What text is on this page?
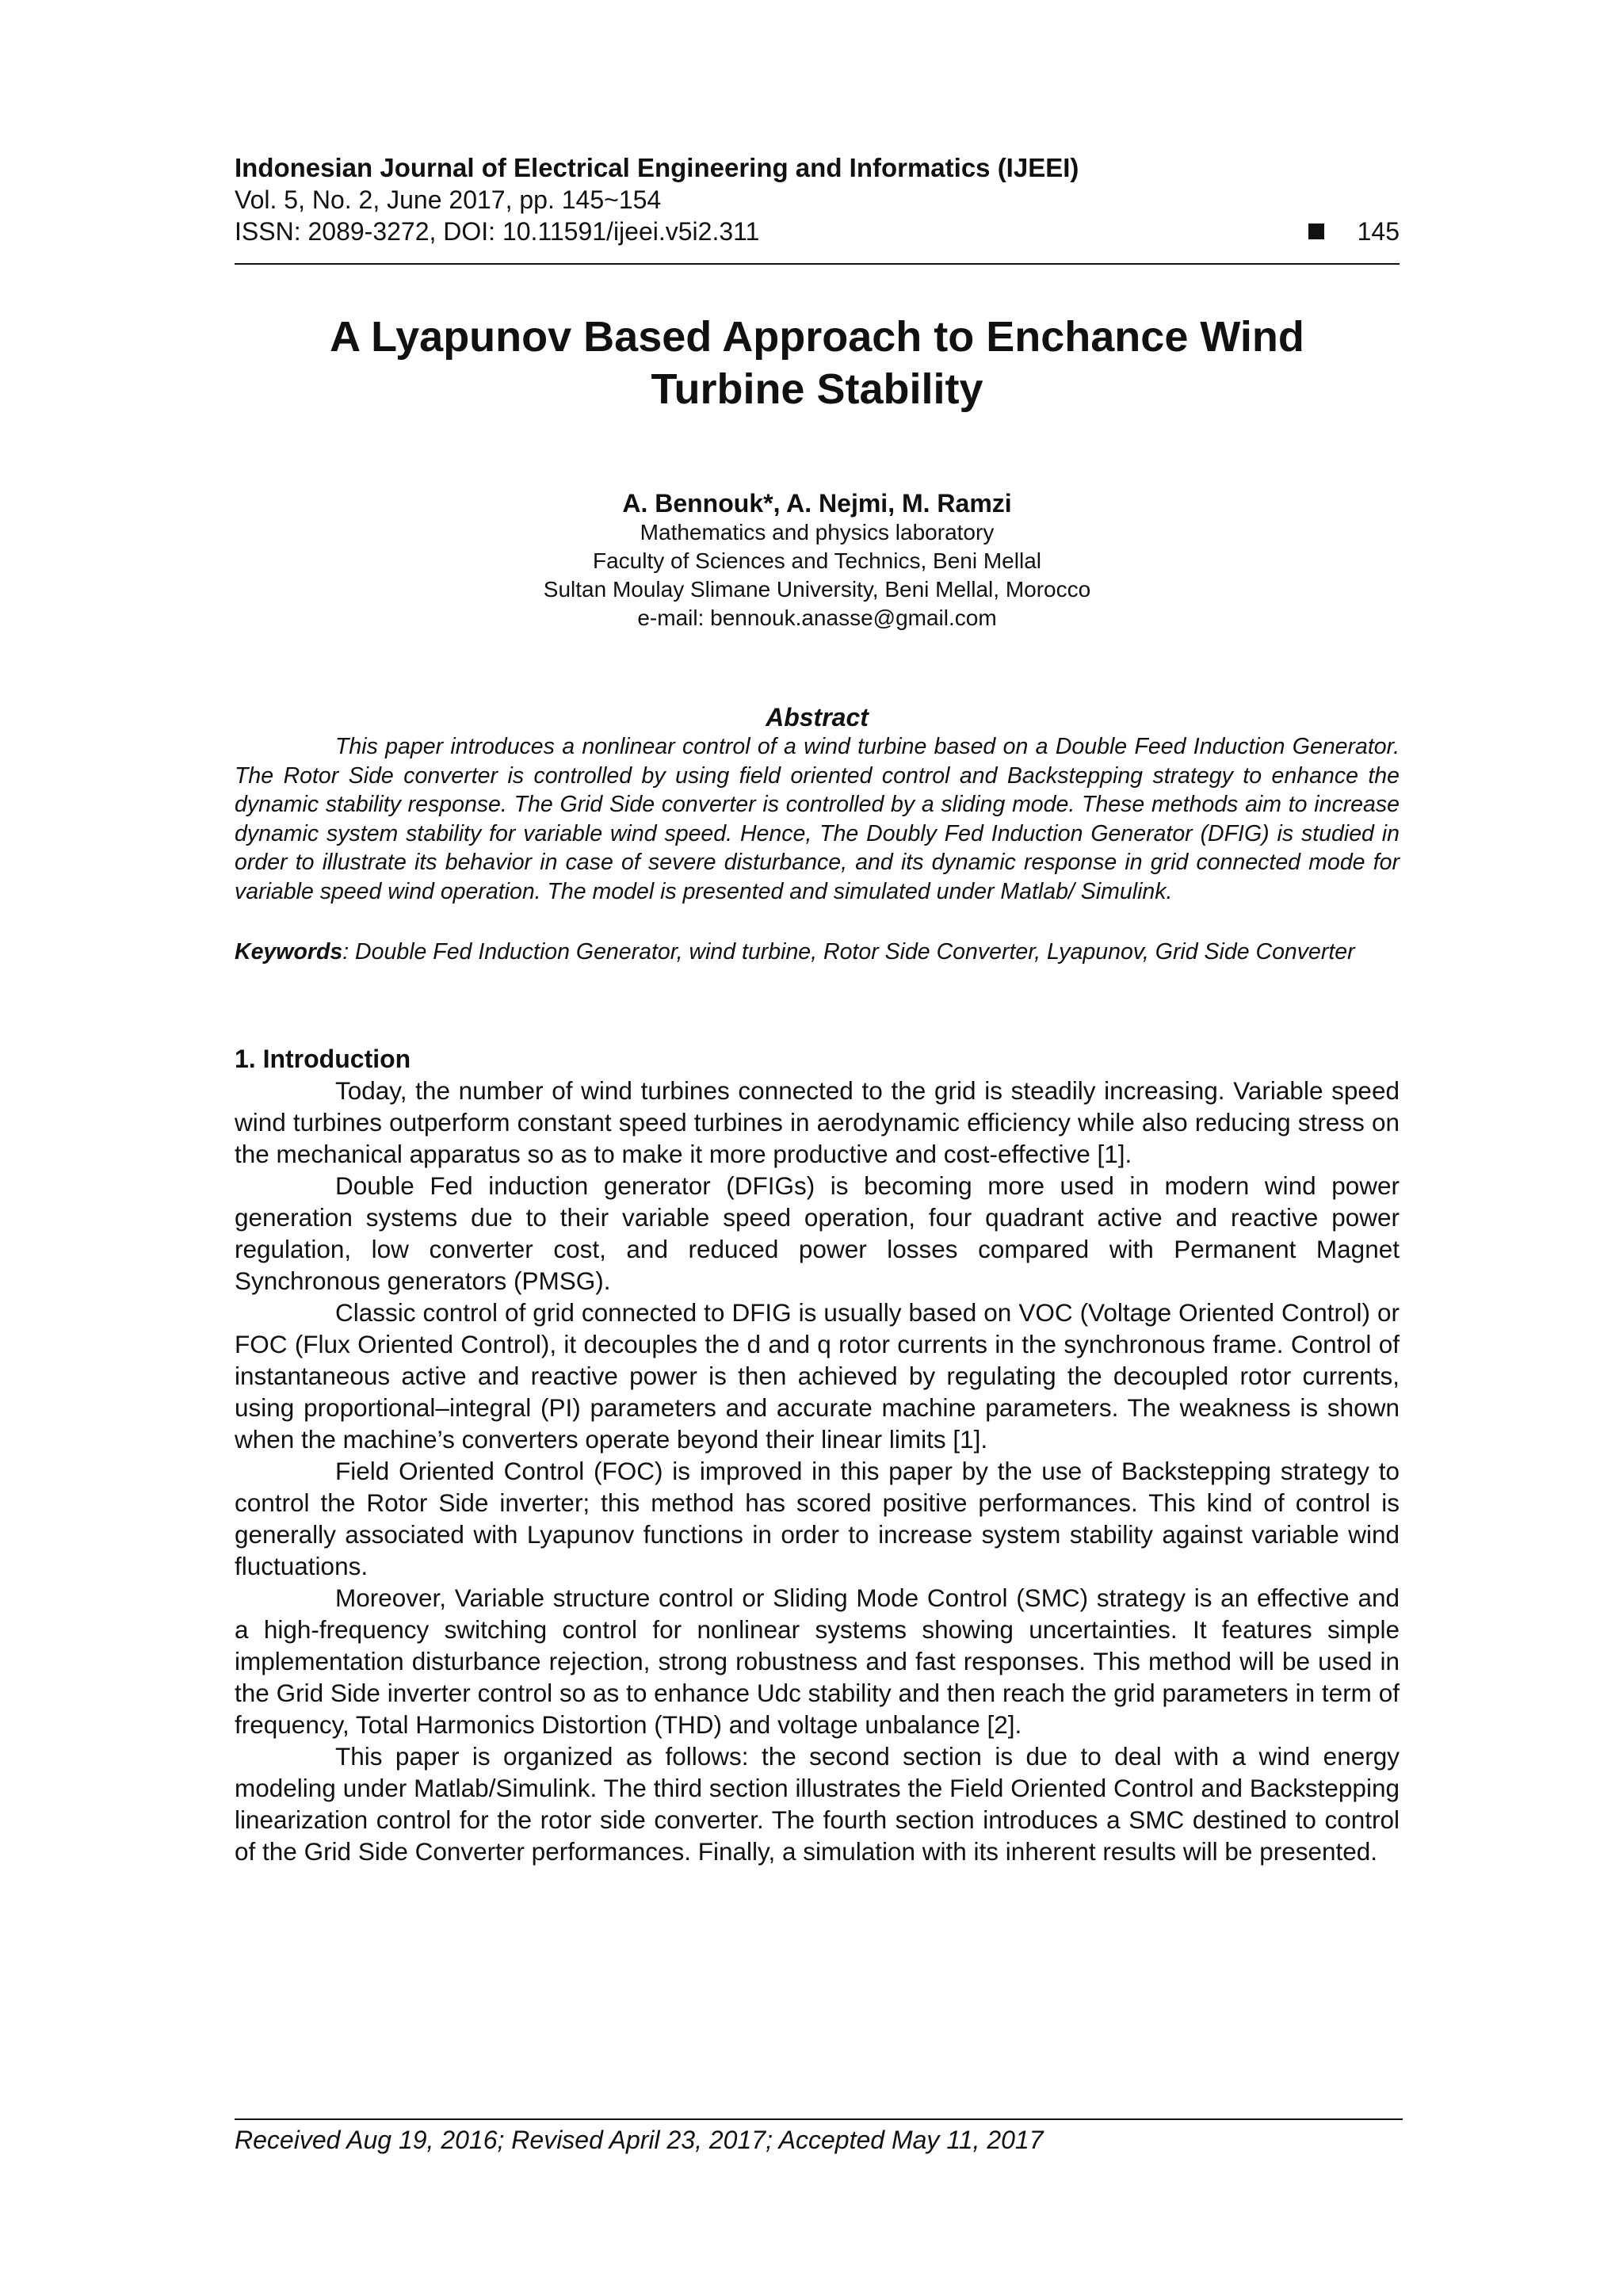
Indonesian Journal of Electrical Engineering and Informatics (IJEEI)
Vol. 5, No. 2, June 2017, pp. 145~154
ISSN: 2089-3272, DOI: 10.11591/ijeei.v5i2.311	145
A Lyapunov Based Approach to Enchance Wind Turbine Stability
A. Bennouk*, A. Nejmi, M. Ramzi
Mathematics and physics laboratory
Faculty of Sciences and Technics, Beni Mellal
Sultan Moulay Slimane University, Beni Mellal, Morocco
e-mail: bennouk.anasse@gmail.com
Abstract

This paper introduces a nonlinear control of a wind turbine based on a Double Feed Induction Generator. The Rotor Side converter is controlled by using field oriented control and Backstepping strategy to enhance the dynamic stability response. The Grid Side converter is controlled by a sliding mode. These methods aim to increase dynamic system stability for variable wind speed. Hence, The Doubly Fed Induction Generator (DFIG) is studied in order to illustrate its behavior in case of severe disturbance, and its dynamic response in grid connected mode for variable speed wind operation. The model is presented and simulated under Matlab/ Simulink.

Keywords: Double Fed Induction Generator, wind turbine, Rotor Side Converter, Lyapunov, Grid Side Converter
1. Introduction

Today, the number of wind turbines connected to the grid is steadily increasing. Variable speed wind turbines outperform constant speed turbines in aerodynamic efficiency while also reducing stress on the mechanical apparatus so as to make it more productive and cost-effective [1].

Double Fed induction generator (DFIGs) is becoming more used in modern wind power generation systems due to their variable speed operation, four quadrant active and reactive power regulation, low converter cost, and reduced power losses compared with Permanent Magnet Synchronous generators (PMSG).

Classic control of grid connected to DFIG is usually based on VOC (Voltage Oriented Control) or FOC (Flux Oriented Control), it decouples the d and q rotor currents in the synchronous frame. Control of instantaneous active and reactive power is then achieved by regulating the decoupled rotor currents, using proportional–integral (PI) parameters and accurate machine parameters. The weakness is shown when the machine’s converters operate beyond their linear limits [1].

Field Oriented Control (FOC) is improved in this paper by the use of Backstepping strategy to control the Rotor Side inverter; this method has scored positive performances. This kind of control is generally associated with Lyapunov functions in order to increase system stability against variable wind fluctuations.

Moreover, Variable structure control or Sliding Mode Control (SMC) strategy is an effective and a high-frequency switching control for nonlinear systems showing uncertainties. It features simple implementation disturbance rejection, strong robustness and fast responses. This method will be used in the Grid Side inverter control so as to enhance Udc stability and then reach the grid parameters in term of frequency, Total Harmonics Distortion (THD) and voltage unbalance [2].

This paper is organized as follows: the second section is due to deal with a wind energy modeling under Matlab/Simulink. The third section illustrates the Field Oriented Control and Backstepping linearization control for the rotor side converter. The fourth section introduces a SMC destined to control of the Grid Side Converter performances. Finally, a simulation with its inherent results will be presented.

Received Aug 19, 2016; Revised April 23, 2017; Accepted May 11, 2017
